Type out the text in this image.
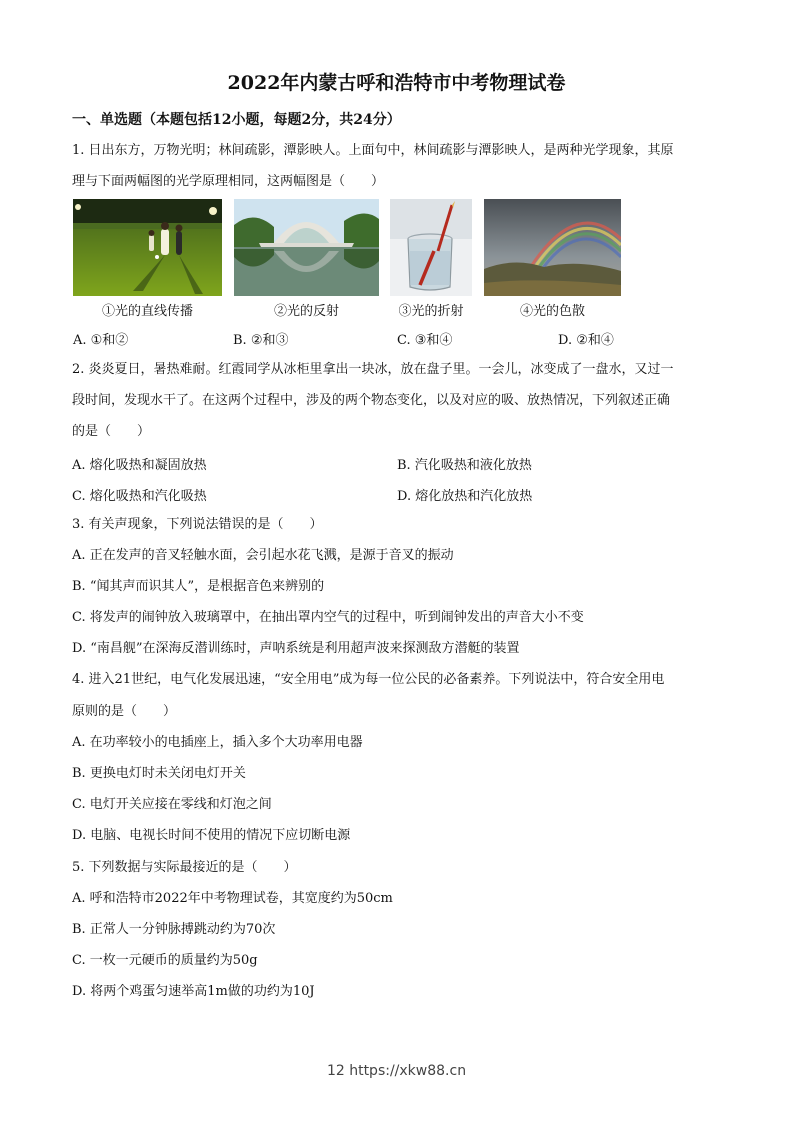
2022年内蒙古呼和浩特市中考物理试卷
一、单选题（本题包括12小题，每题2分，共24分）
1. 日出东方，万物光明；林间疏影，潭影映人。上面句中，林间疏影与潭影映人，是两种光学现象，其原
理与下面两幅图的光学原理相同，这两幅图是（　　）
①光的直线传播	②光的反射	③光的折射	④光的色散
A. ①和②	B. ②和③	C. ③和④	D. ②和④
2. 炎炎夏日，暑热难耐。红霞同学从冰柜里拿出一块冰，放在盘子里。一会儿，冰变成了一盘水，又过一
段时间，发现水干了。在这两个过程中，涉及的两个物态变化，以及对应的吸、放热情况，下列叙述正确
的是（　　）
A. 熔化吸热和凝固放热	B. 汽化吸热和液化放热
C. 熔化吸热和汽化吸热	D. 熔化放热和汽化放热
3. 有关声现象，下列说法错误的是（　　）
A. 正在发声的音叉轻触水面，会引起水花飞溅，是源于音叉的振动
B. “闻其声而识其人”，是根据音色来辨别的
C. 将发声的闹钟放入玻璃罩中，在抽出罩内空气的过程中，听到闹钟发出的声音大小不变
D. “南昌舰”在深海反潜训练时，声呐系统是利用超声波来探测敌方潜艇的装置
4. 进入21世纪，电气化发展迅速，“安全用电”成为每一位公民的必备素养。下列说法中，符合安全用电
原则的是（　　）
A. 在功率较小的电插座上，插入多个大功率用电器
B. 更换电灯时未关闭电灯开关
C. 电灯开关应接在零线和灯泡之间
D. 电脑、电视长时间不使用的情况下应切断电源
5. 下列数据与实际最接近的是（　　）
A. 呼和浩特市2022年中考物理试卷，其宽度约为50cm
B. 正常人一分钟脉搏跳动约为70次
C. 一枚一元硬币的质量约为50g
D. 将两个鸡蛋匀速举高1m做的功约为10J
12 https://xkw88.cn
